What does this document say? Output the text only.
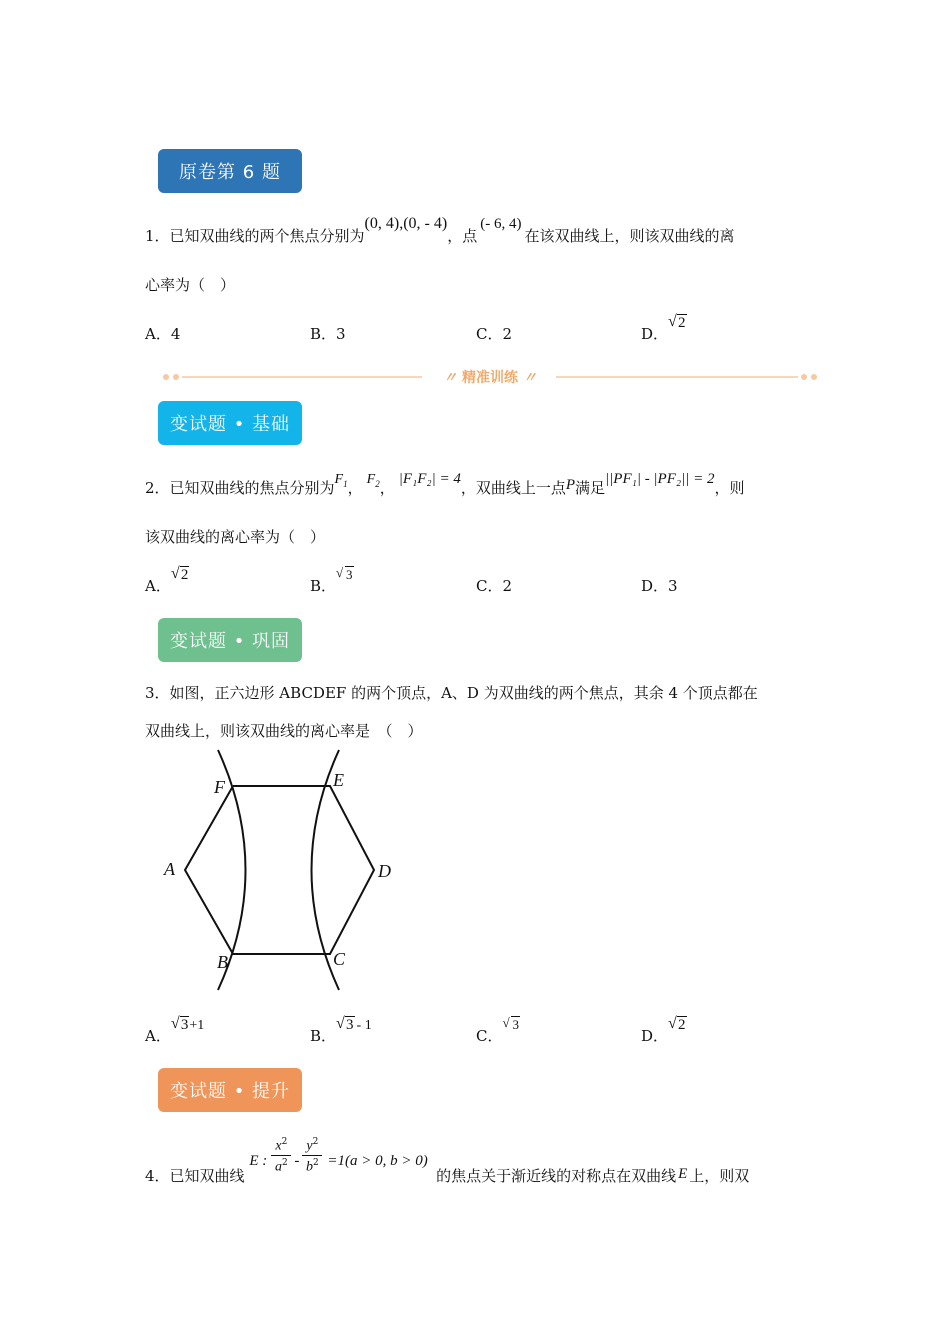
原卷第 6 题
1．已知双曲线的两个焦点分别为(0, 4),(0, - 4)，点(- 6, 4)在该双曲线上，则该双曲线的离
心率为（　）
A．4	B．3	C．2	D．
√ 2
〃 精准训练 〃
变试题 • 基础
2．已知双曲线的焦点分别为$F_1$， $F_2$， |F₁F₂| = 4，双曲线上一点P满足||PF₁| - |PF₂|| = 2，则
该双曲线的离心率为（　）
A．
√ 2
B．
√ 3
C．2	D．3
变试题 • 巩固
3．如图，正六边形 ABCDEF 的两个顶点，A、D 为双曲线的两个焦点，其余 4 个顶点都在
双曲线上，则该双曲线的离心率是　（　）
A
B	C
D
E
F
A．
√ 3+1
B．
√ 3 - 1
C．
√ 3
D．
√ 2
变试题 • 提升
4．已知双曲线
E :
$x^2$
$a^2$ -
$y^2$
$b^2 =1(a > 0$, b > 0)
的焦点关于渐近线的对称点在双曲线 E 上，则双
